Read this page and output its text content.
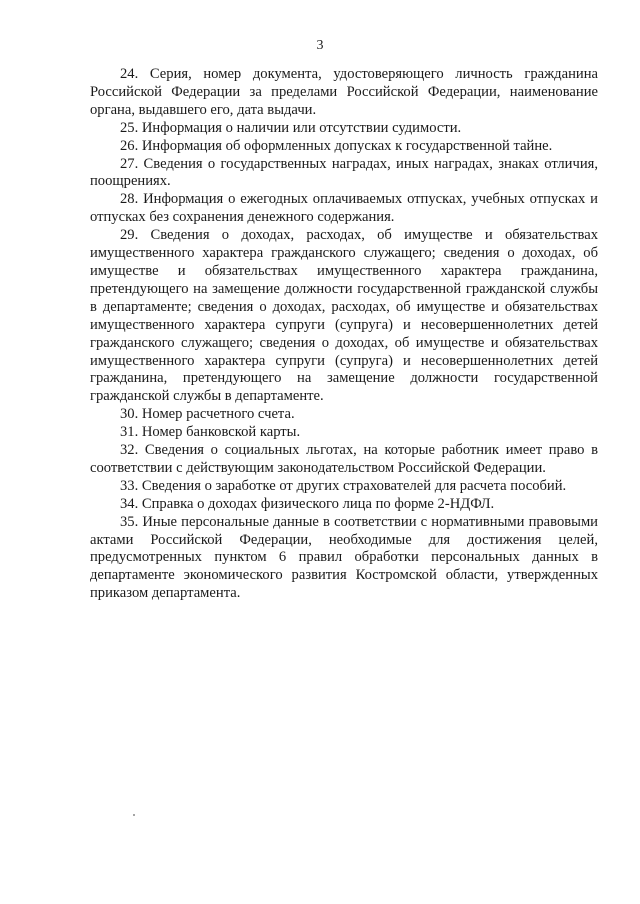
3

24. Серия, номер документа, удостоверяющего личность гражданина Российской Федерации за пределами Российской Федерации, наименование органа, выдавшего его, дата выдачи.

25. Информация о наличии или отсутствии судимости.

26. Информация об оформленных допусках к государственной тайне.

27. Сведения о государственных наградах, иных наградах, знаках отличия, поощрениях.

28. Информация о ежегодных оплачиваемых отпусках, учебных отпусках и отпусках без сохранения денежного содержания.

29. Сведения о доходах, расходах, об имуществе и обязательствах имущественного характера гражданского служащего; сведения о доходах, об имуществе и обязательствах имущественного характера гражданина, претендующего на замещение должности государственной гражданской службы в департаменте; сведения о доходах, расходах, об имуществе и обязательствах имущественного характера супруги (супруга) и несовершеннолетних детей гражданского служащего; сведения о доходах, об имуществе и обязательствах имущественного характера супруги (супруга) и несовершеннолетних детей гражданина, претендующего на замещение должности государственной гражданской службы в департаменте.

30. Номер расчетного счета.

31. Номер банковской карты.

32. Сведения о социальных льготах, на которые работник имеет право в соответствии с действующим законодательством Российской Федерации.

33. Сведения о заработке от других страхователей для расчета пособий.

34. Справка о доходах физического лица по форме 2-НДФЛ.

35. Иные персональные данные в соответствии с нормативными правовыми актами Российской Федерации, необходимые для достижения целей, предусмотренных пунктом 6 правил обработки персональных данных в департаменте экономического развития Костромской области, утвержденных приказом департамента.
